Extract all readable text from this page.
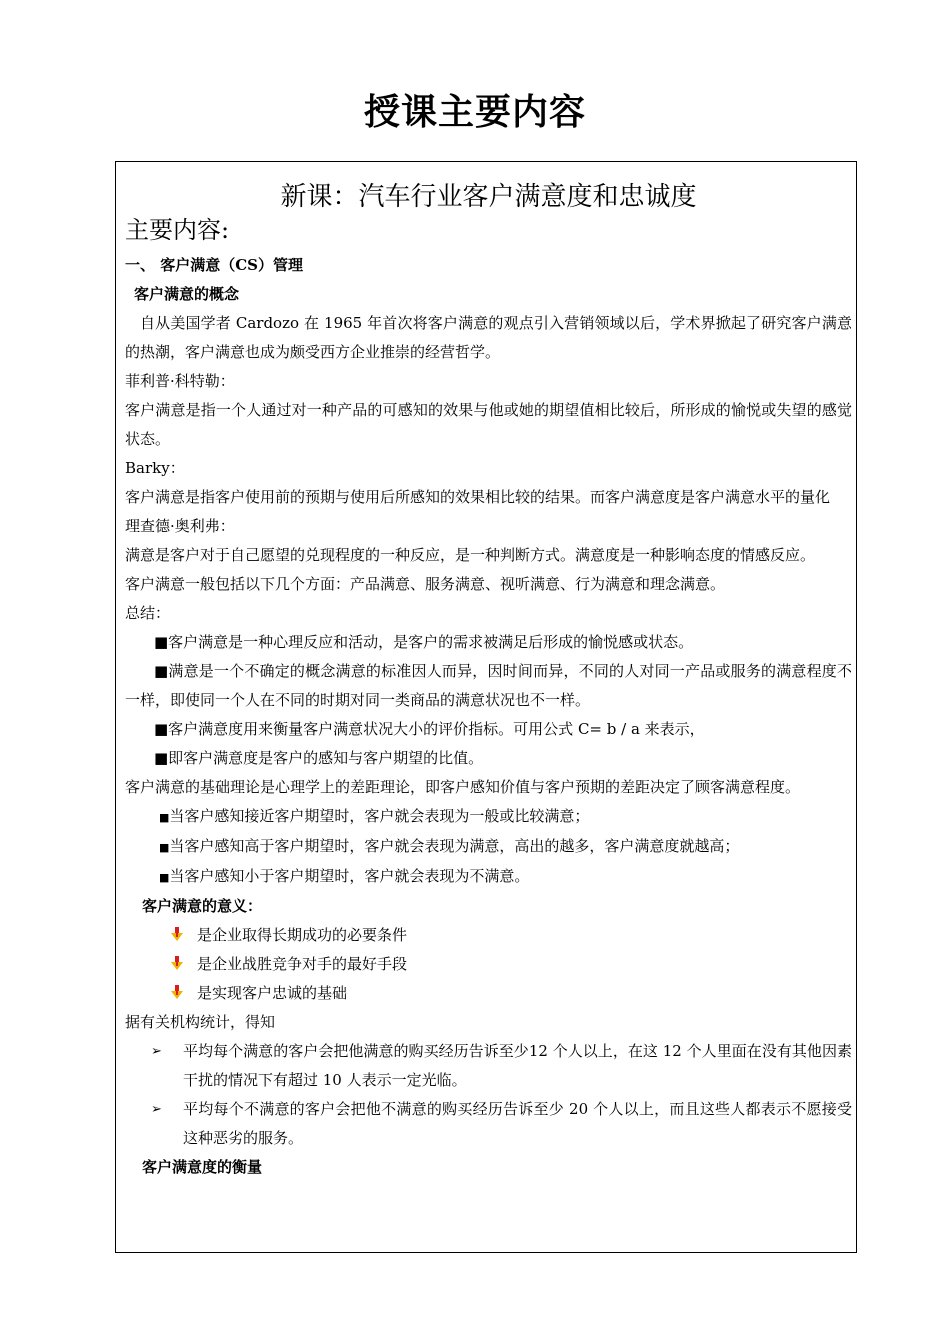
授课主要内容
新课：汽车行业客户满意度和忠诚度
主要内容:
一、 客户满意（CS）管理
客户满意的概念
自从美国学者 Cardozo 在 1965 年首次将客户满意的观点引入营销领域以后，学术界掀起了研究客户满意的热潮，客户满意也成为颇受西方企业推崇的经营哲学。
菲利普·科特勒：
客户满意是指一个人通过对一种产品的可感知的效果与他或她的期望值相比较后，所形成的愉悦或失望的感觉状态。
Barky：
客户满意是指客户使用前的预期与使用后所感知的效果相比较的结果。而客户满意度是客户满意水平的量化
理查德·奥利弗：
满意是客户对于自己愿望的兑现程度的一种反应，是一种判断方式。满意度是一种影响态度的情感反应。
客户满意一般包括以下几个方面：产品满意、服务满意、视听满意、行为满意和理念满意。
总结：
■客户满意是一种心理反应和活动，是客户的需求被满足后形成的愉悦感或状态。
■满意是一个不确定的概念满意的标准因人而异，因时间而异，不同的人对同一产品或服务的满意程度不一样，即使同一个人在不同的时期对同一类商品的满意状况也不一样。
■客户满意度用来衡量客户满意状况大小的评价指标。可用公式 C= b / a 来表示，
■即客户满意度是客户的感知与客户期望的比值。
客户满意的基础理论是心理学上的差距理论，即客户感知价值与客户预期的差距决定了顾客满意程度。
■当客户感知接近客户期望时，客户就会表现为一般或比较满意；
■当客户感知高于客户期望时，客户就会表现为满意，高出的越多，客户满意度就越高；
■当客户感知小于客户期望时，客户就会表现为不满意。
客户满意的意义：
是企业取得长期成功的必要条件
是企业战胜竞争对手的最好手段
是实现客户忠诚的基础
据有关机构统计，得知
➢	平均每个满意的客户会把他满意的购买经历告诉至少12 个人以上，在这 12 个人里面在没有其他因素干扰的情况下有超过 10 人表示一定光临。
➢	平均每个不满意的客户会把他不满意的购买经历告诉至少 20 个人以上，而且这些人都表示不愿接受这种恶劣的服务。
客户满意度的衡量
